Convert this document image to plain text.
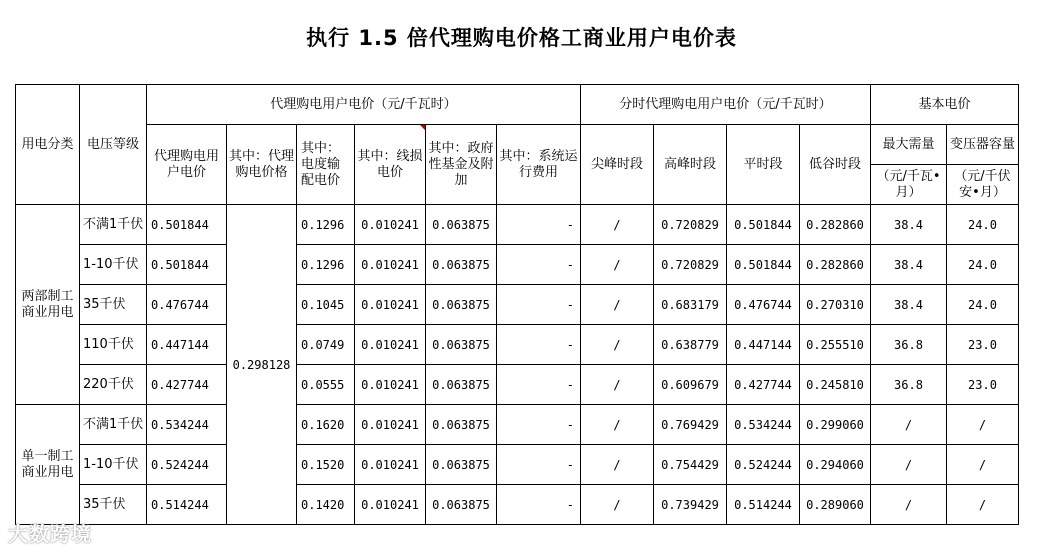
执行 1.5 倍代理购电价格工商业用户电价表
用电分类	电压等级	代理购电用户电价（元/千瓦时）						分时代理购电用户电价（元/千瓦时）				基本电价	
		代理购电用户电价	其中：代理购电价格	其中：电度输配电价	其中：线损电价	其中：政府性基金及附加	其中：系统运行费用	尖峰时段	高峰时段	平时段	低谷时段	最大需量	变压器容量
												（元/千瓦•月）	（元/千伏安•月）
两部制工商业用电	不满1千伏	0.501844	0.298128	0.1296	0.010241	0.063875	-	/	0.720829	0.501844	0.282860	38.4	24.0
	1-10千伏	0.501844		0.1296	0.010241	0.063875	-	/	0.720829	0.501844	0.282860	38.4	24.0
	35千伏	0.476744		0.1045	0.010241	0.063875	-	/	0.683179	0.476744	0.270310	38.4	24.0
	110千伏	0.447144		0.0749	0.010241	0.063875	-	/	0.638779	0.447144	0.255510	36.8	23.0
	220千伏	0.427744		0.0555	0.010241	0.063875	-	/	0.609679	0.427744	0.245810	36.8	23.0
单一制工商业用电	不满1千伏	0.534244		0.1620	0.010241	0.063875	-	/	0.769429	0.534244	0.299060	/	/
	1-10千伏	0.524244		0.1520	0.010241	0.063875	-	/	0.754429	0.524244	0.294060	/	/
	35千伏	0.514244		0.1420	0.010241	0.063875	-	/	0.739429	0.514244	0.289060	/	/
大数跨境
